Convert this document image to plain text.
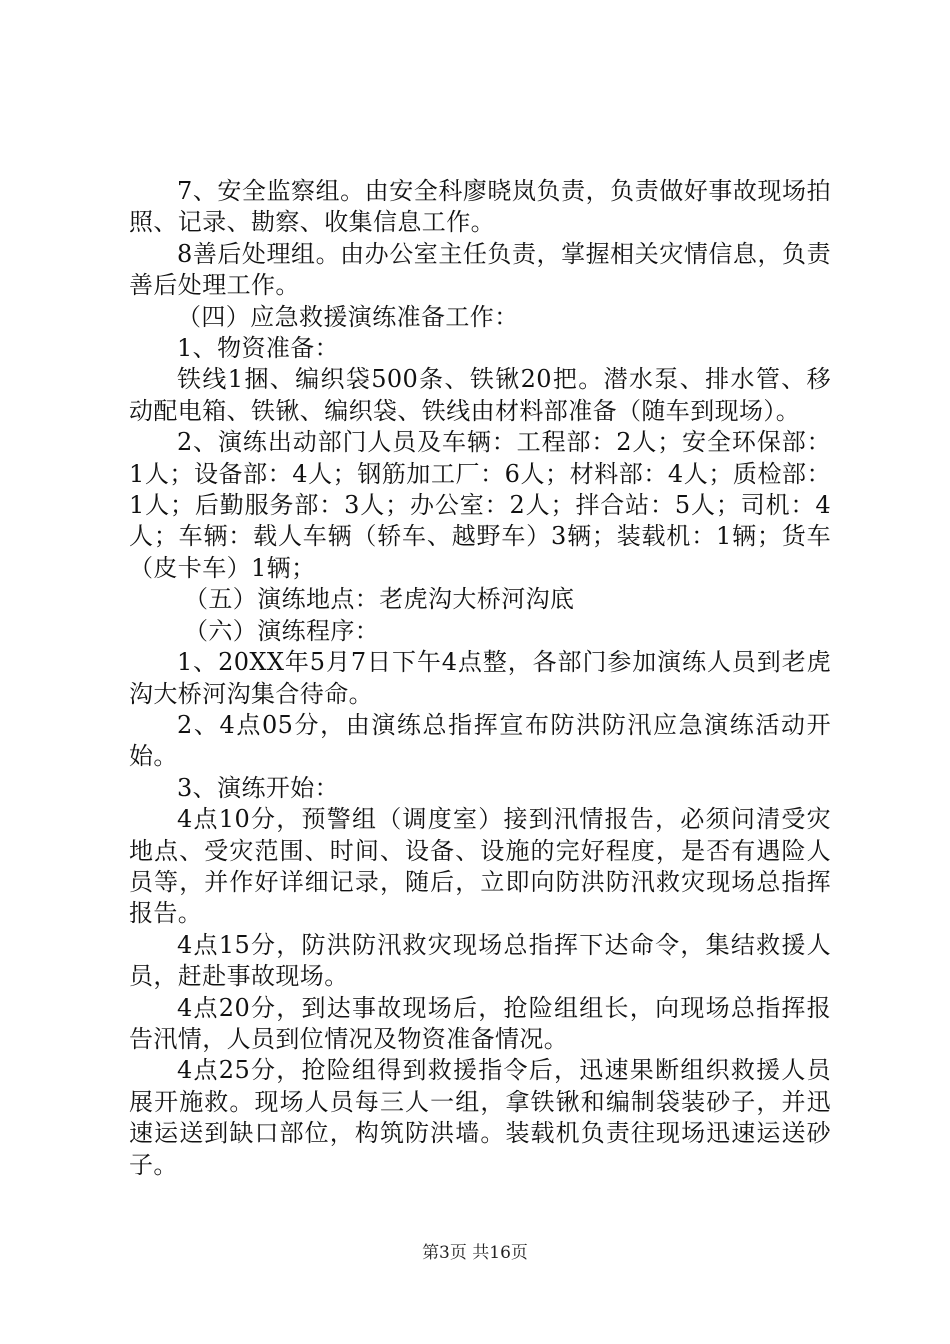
7、安全监察组。由安全科廖晓岚负责，负责做好事故现场拍照、记录、勘察、收集信息工作。

8善后处理组。由办公室主任负责，掌握相关灾情信息，负责善后处理工作。

（四）应急救援演练准备工作：

1、物资准备：

铁线1捆、编织袋500条、铁锹20把。潜水泵、排水管、移动配电箱、铁锹、编织袋、铁线由材料部准备（随车到现场）。

2、演练出动部门人员及车辆：工程部：2人；安全环保部：1人；设备部：4人；钢筋加工厂：6人；材料部：4人；质检部：1人；后勤服务部：3人；办公室：2人；拌合站：5人；司机：4人；车辆：载人车辆（轿车、越野车）3辆；装载机：1辆；货车（皮卡车）1辆；

（五）演练地点：老虎沟大桥河沟底

（六）演练程序：

1、20XX年5月7日下午4点整，各部门参加演练人员到老虎沟大桥河沟集合待命。

2、4点05分，由演练总指挥宣布防洪防汛应急演练活动开始。

3、演练开始：

4点10分，预警组（调度室）接到汛情报告，必须问清受灾地点、受灾范围、时间、设备、设施的完好程度，是否有遇险人员等，并作好详细记录，随后，立即向防洪防汛救灾现场总指挥报告。

4点15分，防洪防汛救灾现场总指挥下达命令，集结救援人员，赶赴事故现场。

4点20分，到达事故现场后，抢险组组长，向现场总指挥报告汛情，人员到位情况及物资准备情况。

4点25分，抢险组得到救援指令后，迅速果断组织救援人员展开施救。现场人员每三人一组，拿铁锹和编制袋装砂子，并迅速运送到缺口部位，构筑防洪墙。装载机负责往现场迅速运送砂子。

第3页 共16页
